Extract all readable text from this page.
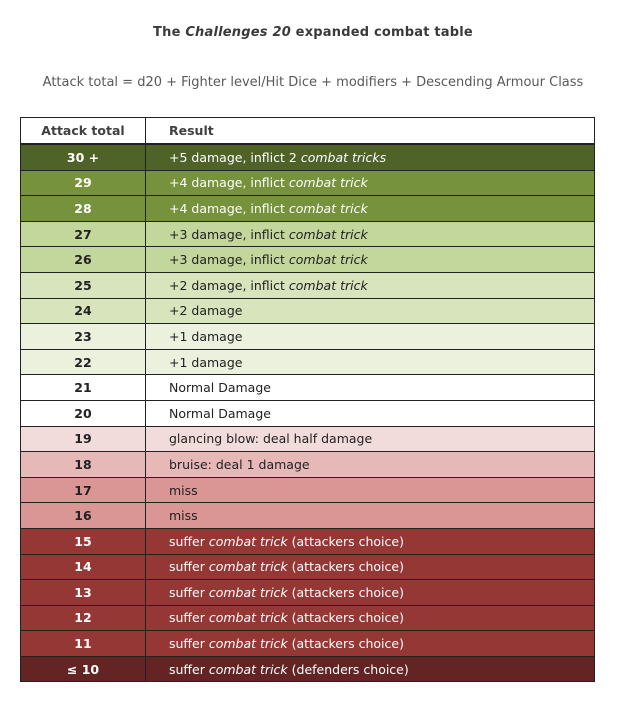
The Challenges 20 expanded combat table
Attack total = d20 + Fighter level/Hit Dice + modifiers + Descending Armour Class
Attack total	Result
30 +	+5 damage, inflict 2 combat tricks
29	+4 damage, inflict combat trick
28	+4 damage, inflict combat trick
27	+3 damage, inflict combat trick
26	+3 damage, inflict combat trick
25	+2 damage, inflict combat trick
24	+2 damage
23	+1 damage
22	+1 damage
21	Normal Damage
20	Normal Damage
19	glancing blow: deal half damage
18	bruise: deal 1 damage
17	miss
16	miss
15	suffer combat trick (attackers choice)
14	suffer combat trick (attackers choice)
13	suffer combat trick (attackers choice)
12	suffer combat trick (attackers choice)
11	suffer combat trick (attackers choice)
≤ 10	suffer combat trick (defenders choice)
